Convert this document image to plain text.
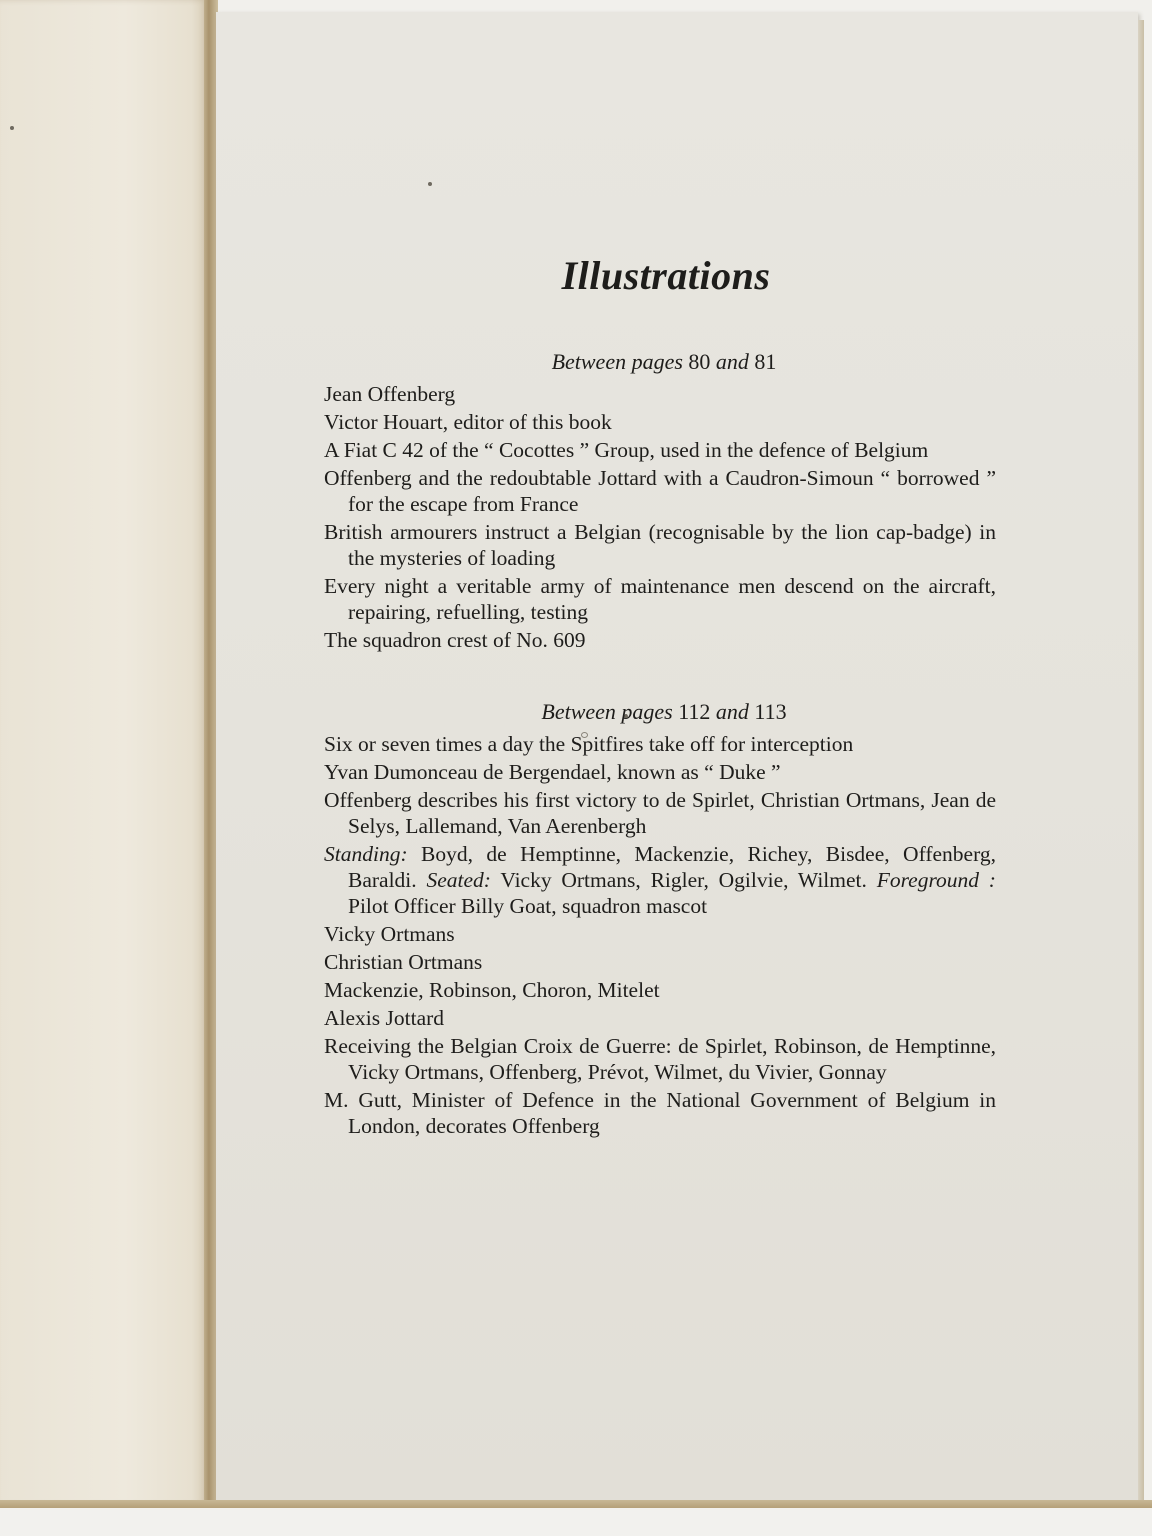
Illustrations
Between pages 80 and 81
Jean Offenberg
Victor Houart, editor of this book
A Fiat C 42 of the “ Cocottes ” Group, used in the defence of Belgium
Offenberg and the redoubtable Jottard with a Caudron-Simoun “ borrowed ” for the escape from France
British armourers instruct a Belgian (recognisable by the lion cap-badge) in the mysteries of loading
Every night a veritable army of maintenance men descend on the aircraft, repairing, refuelling, testing
The squadron crest of No. 609
Between pages 112 and 113
Six or seven times a day the Spitfires take off for interception
Yvan Dumonceau de Bergendael, known as “ Duke ”
Offenberg describes his first victory to de Spirlet, Christian Ortmans, Jean de Selys, Lallemand, Van Aerenbergh
Standing: Boyd, de Hemptinne, Mackenzie, Richey, Bisdee, Offenberg, Baraldi. Seated: Vicky Ortmans, Rigler, Ogilvie, Wilmet. Foreground : Pilot Officer Billy Goat, squadron mascot
Vicky Ortmans
Christian Ortmans
Mackenzie, Robinson, Choron, Mitelet
Alexis Jottard
Receiving the Belgian Croix de Guerre: de Spirlet, Robinson, de Hemptinne, Vicky Ortmans, Offenberg, Prévot, Wilmet, du Vivier, Gonnay
M. Gutt, Minister of Defence in the National Government of Belgium in London, decorates Offenberg
